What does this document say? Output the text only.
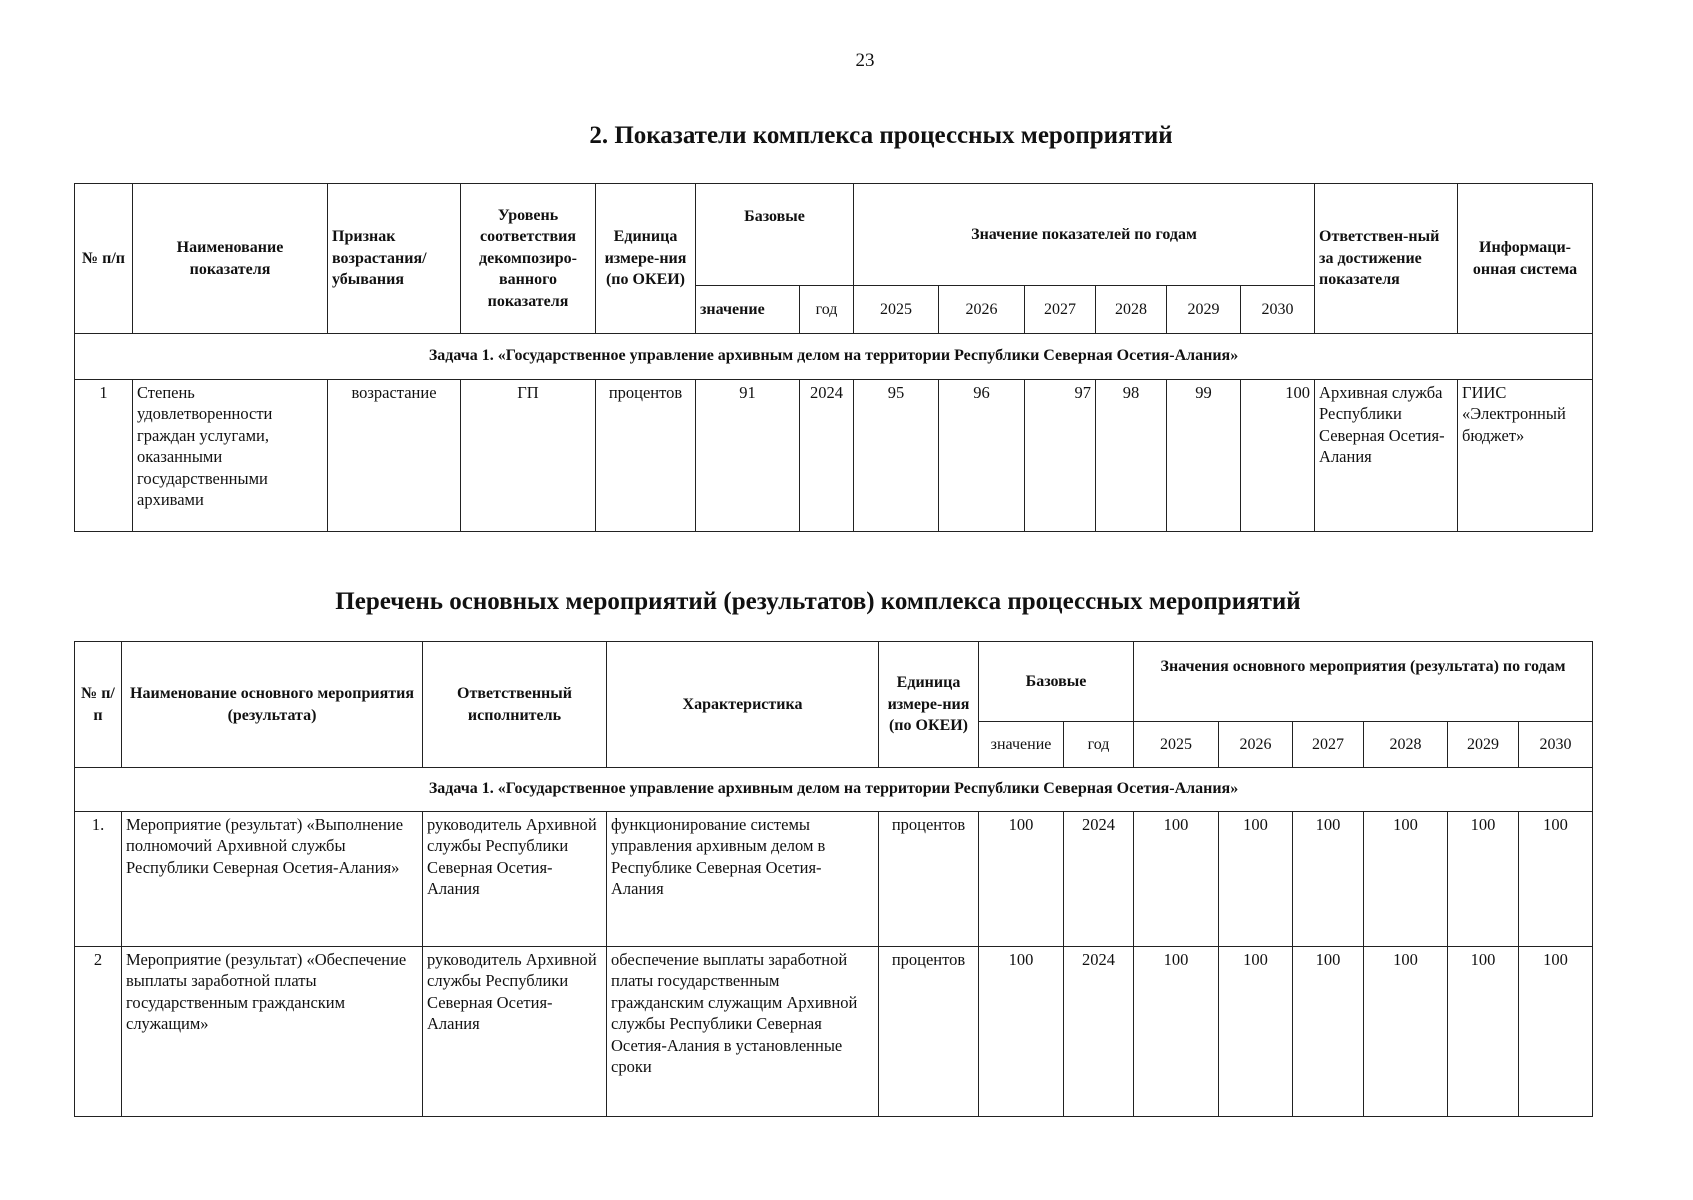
23
2. Показатели комплекса процессных мероприятий
№ п/п	Наименование показателя	Признак возрастания/ убывания	Уровень соответствия декомпозиро-ванного показателя	Единица измере-ния (по ОКЕИ)	Базовые		Значение показателей по годам						Ответствен-ный за достижение показателя	Информаци-онная система
					значение	год	2025	2026	2027	2028	2029	2030		
Задача 1. «Государственное управление архивным делом на территории Республики Северная Осетия-Алания»														
1	Степень удовлетворенности граждан услугами, оказанными государственными архивами	возрастание	ГП	процентов	91	2024	95	96	97	98	99	100	Архивная служба Республики Северная Осетия-Алания	ГИИС «Электронный бюджет»
Перечень основных мероприятий (результатов) комплекса процессных мероприятий
№ п/п	Наименование основного мероприятия (результата)	Ответственный исполнитель	Характеристика	Единица измере-ния (по ОКЕИ)	Базовые		Значения основного мероприятия (результата) по годам					
					значение	год	2025	2026	2027	2028	2029	2030
Задача 1. «Государственное управление архивным делом на территории Республики Северная Осетия-Алания»												
1.	Мероприятие (результат) «Выполнение полномочий Архивной службы Республики Северная Осетия-Алания»	руководитель Архивной службы Республики Северная Осетия-Алания	функционирование системы управления архивным делом в Республике Северная Осетия-Алания	процентов	100	2024	100	100	100	100	100	100
2	Мероприятие (результат) «Обеспечение выплаты заработной платы государственным гражданским служащим»	руководитель Архивной службы Республики Северная Осетия-Алания	обеспечение выплаты заработной платы государственным гражданским служащим Архивной службы Республики Северная Осетия-Алания в установленные сроки	процентов	100	2024	100	100	100	100	100	100
